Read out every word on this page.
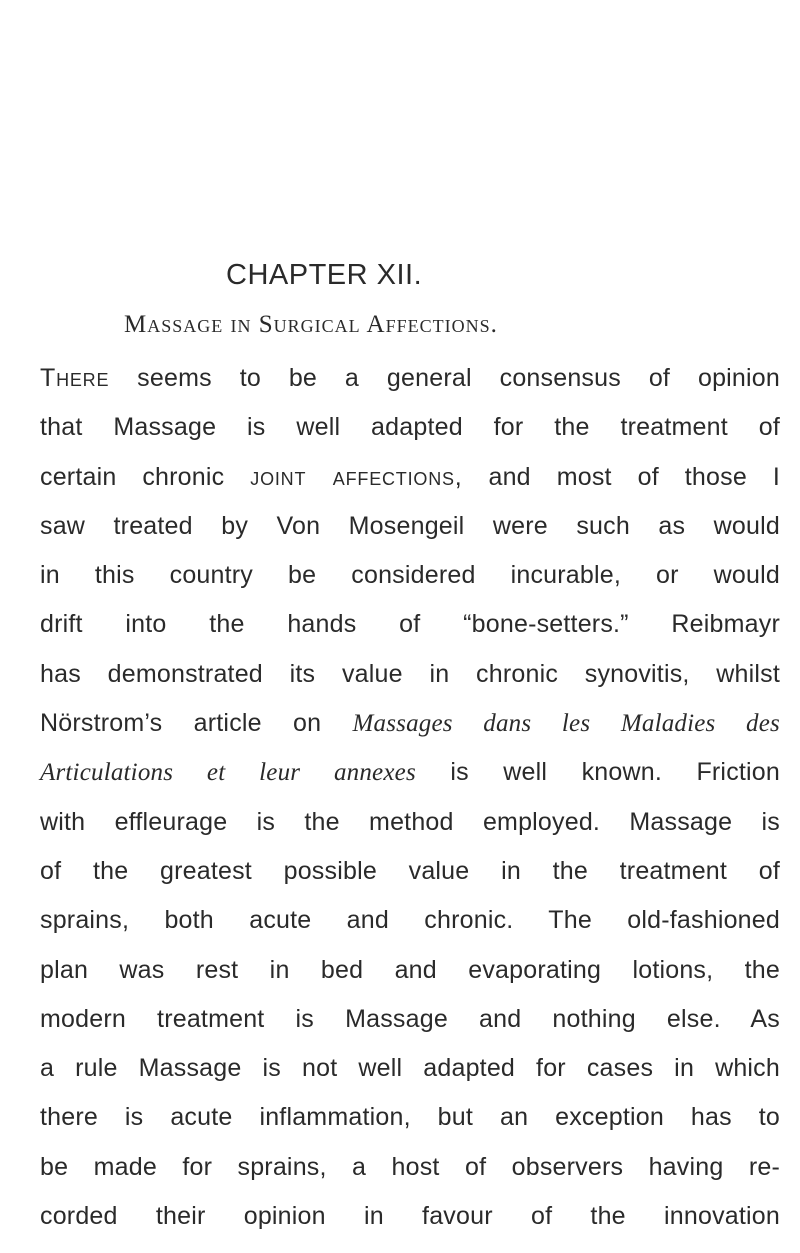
CHAPTER XII.
Massage in Surgical Affections.
There seems to be a general consensus of opinion
that Massage is well adapted for the treatment of
certain chronic joint affections, and most of those I
saw treated by Von Mosengeil were such as would
in this country be considered incurable, or would
drift into the hands of “bone-setters.” Reibmayr
has demonstrated its value in chronic synovitis, whilst
Nörstrom’s article on Massages dans les Maladies des
Articulations et leur annexes is well known. Friction
with effleurage is the method employed. Massage is
of the greatest possible value in the treatment of
sprains, both acute and chronic. The old-fashioned
plan was rest in bed and evaporating lotions, the
modern treatment is Massage and nothing else. As
a rule Massage is not well adapted for cases in which
there is acute inflammation, but an exception has to
be made for sprains, a host of observers having re-
corded their opinion in favour of the innovation
